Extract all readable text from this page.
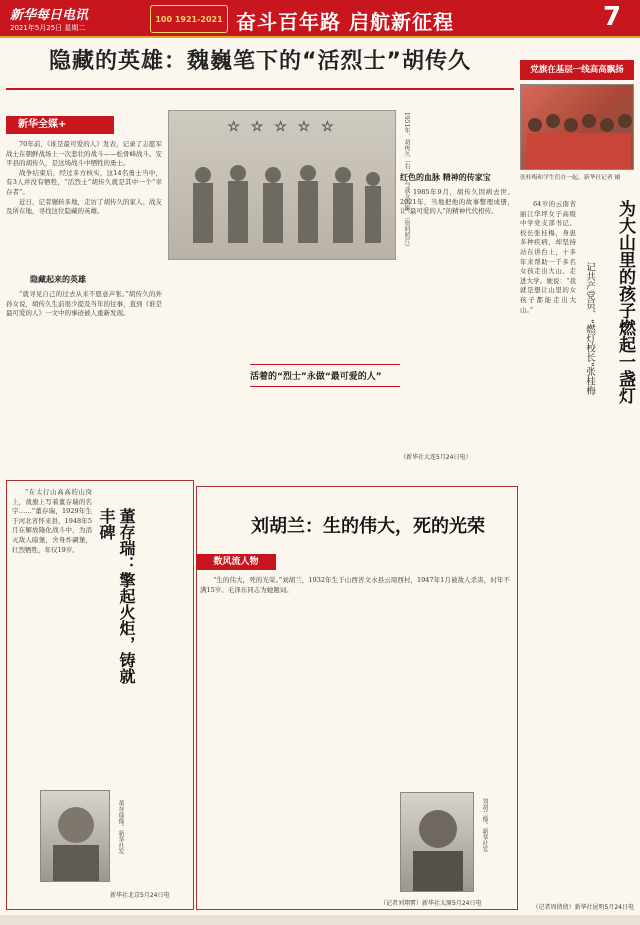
新华每日电讯
2021年5月25日 星期二
100 1921-2021 奋斗百年路 启航新征程	7
隐藏的英雄：魏巍笔下的“活烈士”胡传久
新华全媒+

70年前，《谁是最可爱的人》发表，记录了志愿军战士在朝鲜战场上一次悲壮的战斗——松骨峰战斗。安平县的胡传久，是这场战斗中牺牲的勇士。

战争结束后，经过多方核实，这14名勇士当中，有3人并没有牺牲，“活烈士”胡传久就是其中一个“幸存者”。

近日，记者辗转多地，走访了胡传久的家人、战友及所在地，寻找这位隐藏的英雄。

隐藏起来的英雄

“就寻见自己的过去从来不愿意声张。”胡传久的外孙女说，胡传久生前很少提及当年的往事，直到《谁是最可爱的人》一文中的事迹被人重新发现。

☆ ☆ ☆ ☆ ☆	1951年，胡传久（右二）与战友合影。（资料照片）
活着的“烈士”永做“最可爱的人”
红色的血脉 精神的传家宝

1985年9月，胡传久因病去世。2021年，当地把他的故事整理成册，让“最可爱的人”的精神代代相传。

（新华社大连5月24日电）
党旗在基层一线高高飘扬
张桂梅和学生们在一起。新华社记者 摄
为大山里的孩子燃起一盏灯
记共产党员、“燃灯校长”张桂梅

64岁的云南省丽江华坪女子高级中学党支部书记、校长张桂梅，身患多种疾病，却坚持站在讲台上，十多年来帮助一千多名女孩走出大山、走进大学。她说：“我就是想让山里的女孩子都能走出大山。”

（记者周倩倩）新华社昆明5月24日电
董存瑞：擎起火炬，铸就丰碑

“在太行山高高的山岗上，战旗上写着董存瑞的名字……”董存瑞，1929年生于河北省怀来县，1948年5月在解放隆化战斗中，为消灭敌人暗堡，舍身炸碉堡，壮烈牺牲，年仅19岁。

董存瑞像。新华社发
新华社北京5月24日电
刘胡兰：生的伟大，死的光荣
数风流人物

“生的伟大，死的光荣。”刘胡兰，1932年生于山西省文水县云周西村，1947年1月被敌人杀害，时年不满15岁。毛泽东同志为她题词。

刘胡兰像。新华社发
（记者刘翔霄）新华社太原5月24日电
